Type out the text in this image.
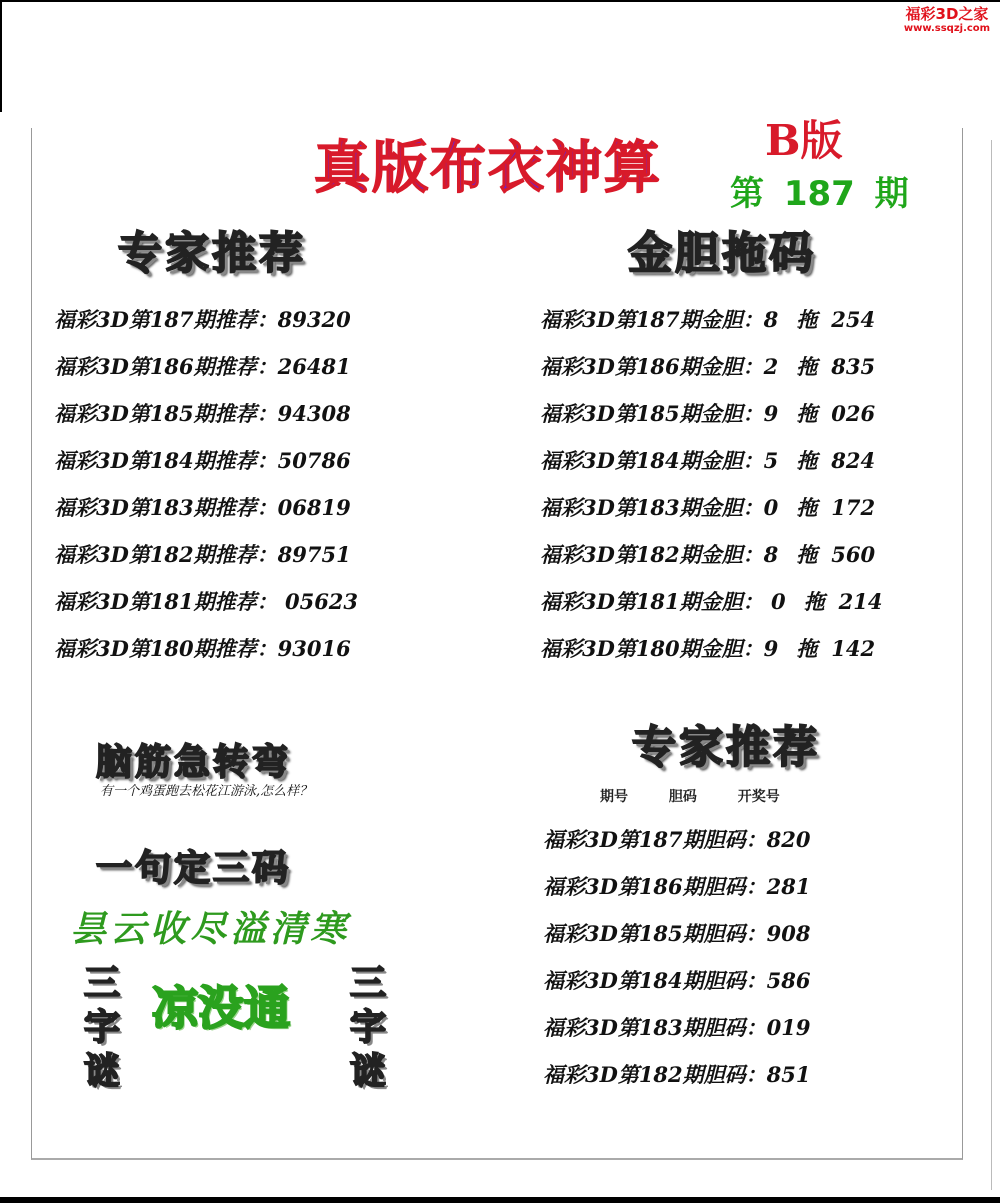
福彩3D之家
www.ssqzj.com
真版布衣神算	B版
第 187 期
专家推荐	金胆拖码
福彩3D第187期推荐：89320
福彩3D第186期推荐：26481
福彩3D第185期推荐：94308
福彩3D第184期推荐：50786
福彩3D第183期推荐：06819
福彩3D第182期推荐：89751
福彩3D第181期推荐： 05623
福彩3D第180期推荐：93016
福彩3D第187期金胆：8 拖 254
福彩3D第186期金胆：2 拖 835
福彩3D第185期金胆：9 拖 026
福彩3D第184期金胆：5 拖 824
福彩3D第183期金胆：0 拖 172
福彩3D第182期金胆：8 拖 560
福彩3D第181期金胆： 0 拖 214
福彩3D第180期金胆：9 拖 142
脑筋急转弯
有一个鸡蛋跑去松花江游泳,怎么样？
一句定三码
昙云收尽溢清寒
三
字
谜
凉没通 三
字
谜
专家推荐
期号	胆码	开奖号
福彩3D第187期胆码：820
福彩3D第186期胆码：281
福彩3D第185期胆码：908
福彩3D第184期胆码：586
福彩3D第183期胆码：019
福彩3D第182期胆码：851
